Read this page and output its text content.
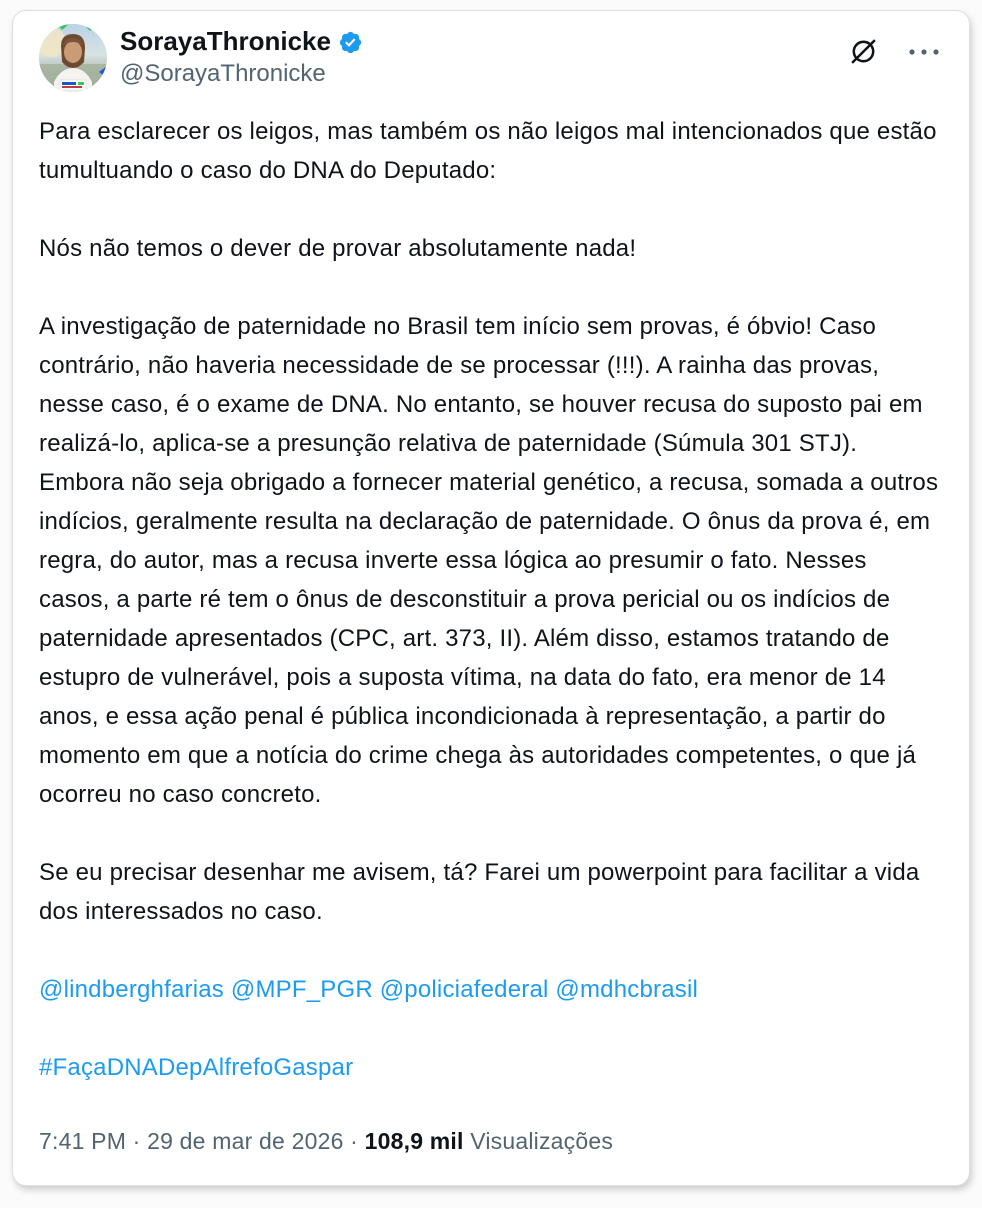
SorayaThronicke
@SorayaThronicke

Para esclarecer os leigos, mas também os não leigos mal intencionados que estão tumultuando o caso do DNA do Deputado:

Nós não temos o dever de provar absolutamente nada!

A investigação de paternidade no Brasil tem início sem provas, é óbvio! Caso contrário, não haveria necessidade de se processar (!!!). A rainha das provas, nesse caso, é o exame de DNA. No entanto, se houver recusa do suposto pai em realizá-lo, aplica-se a presunção relativa de paternidade (Súmula 301 STJ). Embora não seja obrigado a fornecer material genético, a recusa, somada a outros indícios, geralmente resulta na declaração de paternidade. O ônus da prova é, em regra, do autor, mas a recusa inverte essa lógica ao presumir o fato. Nesses casos, a parte ré tem o ônus de desconstituir a prova pericial ou os indícios de paternidade apresentados (CPC, art. 373, II). Além disso, estamos tratando de estupro de vulnerável, pois a suposta vítima, na data do fato, era menor de 14 anos, e essa ação penal é pública incondicionada à representação, a partir do momento em que a notícia do crime chega às autoridades competentes, o que já ocorreu no caso concreto.

Se eu precisar desenhar me avisem, tá? Farei um powerpoint para facilitar a vida dos interessados no caso.

@lindberghfarias @MPF_PGR @policiafederal @mdhcbrasil

#FaçaDNADepAlfrefoGaspar

7:41 PM · 29 de mar de 2026 · 108,9 mil Visualizações
